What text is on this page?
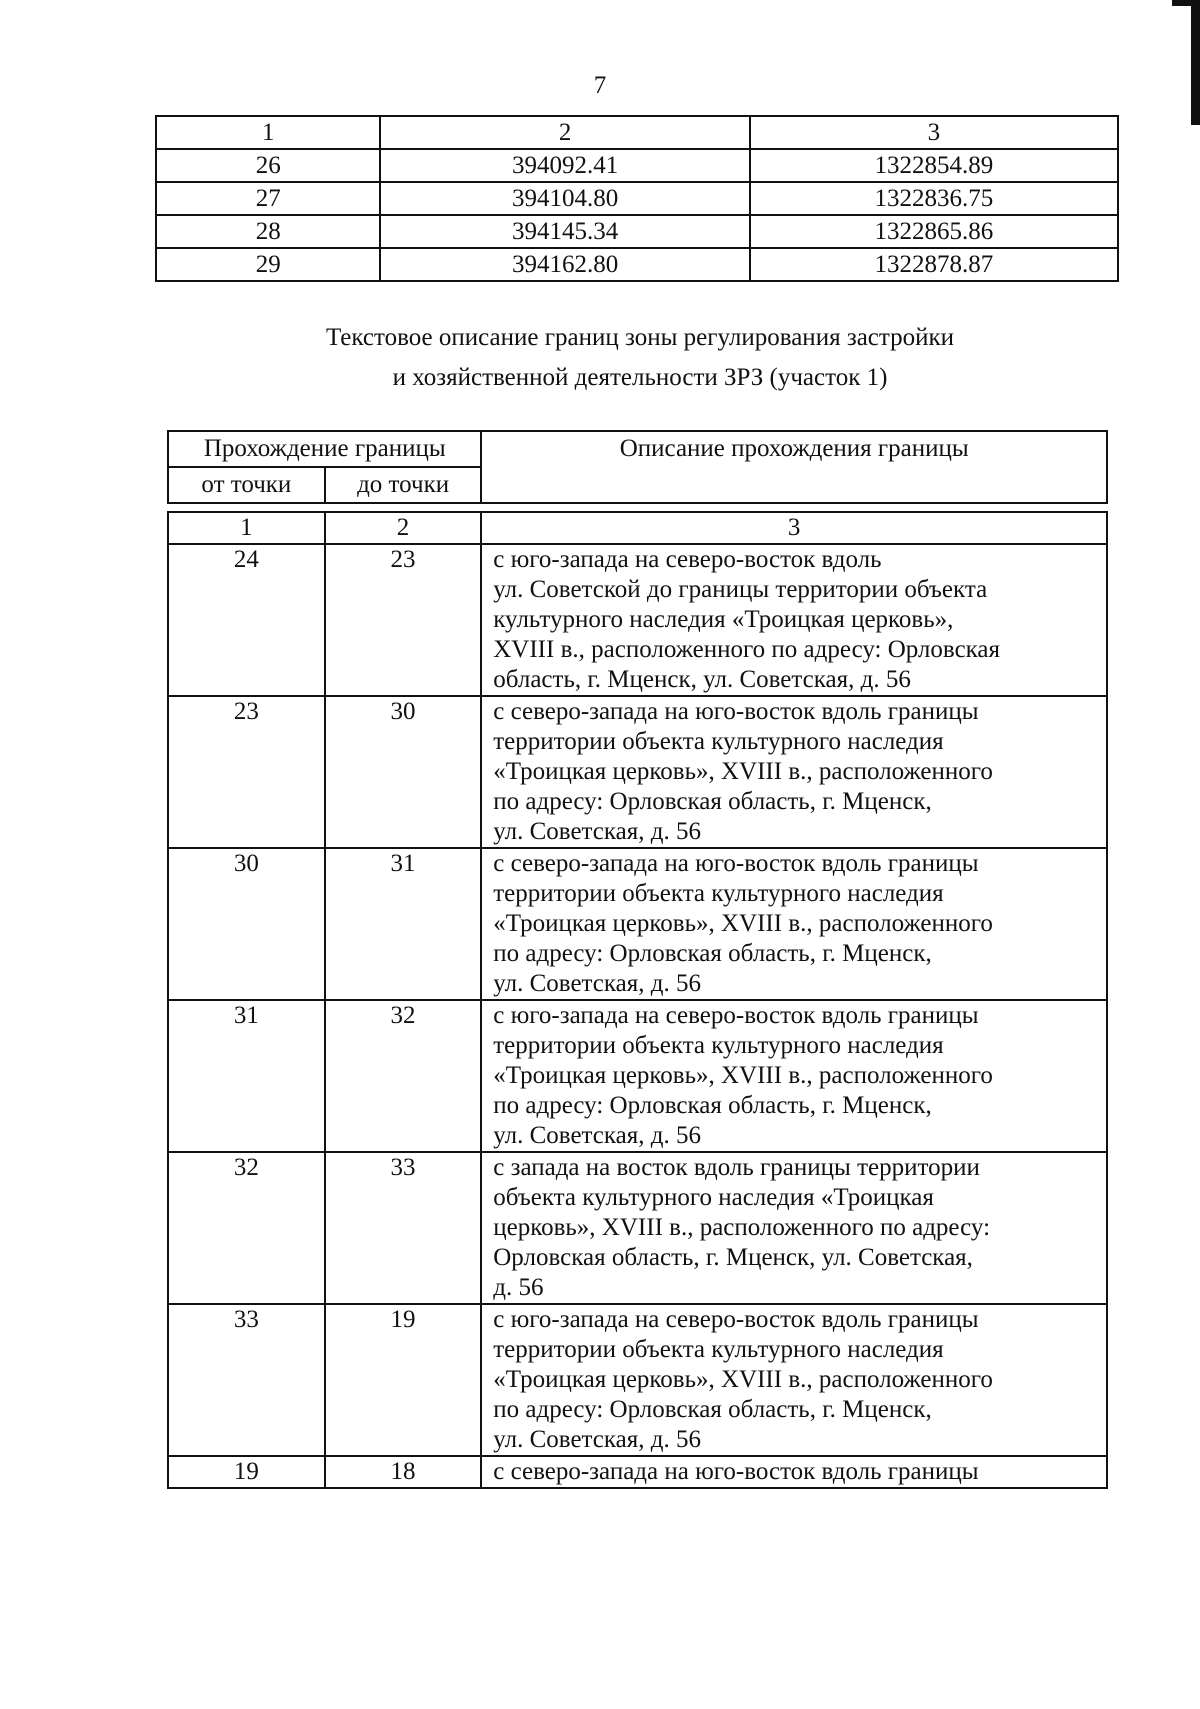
7
1	2	3
26	394092.41	1322854.89
27	394104.80	1322836.75
28	394145.34	1322865.86
29	394162.80	1322878.87
Текстовое описание границ зоны регулирования застройки
и хозяйственной деятельности ЗРЗ (участок 1)
Прохождение границы		Описание прохождения границы
от точки	до точки	
1	2	3
24	23	с юго-запада на северо-восток вдоль
ул. Советской до границы территории объекта
культурного наследия «Троицкая церковь»,
XVIII в., расположенного по адресу: Орловская
область, г. Мценск, ул. Советская, д. 56

23	30	с северо-запада на юго-восток вдоль границы
территории объекта культурного наследия
«Троицкая церковь», XVIII в., расположенного
по адресу: Орловская область, г. Мценск,
ул. Советская, д. 56

30	31	с северо-запада на юго-восток вдоль границы
территории объекта культурного наследия
«Троицкая церковь», XVIII в., расположенного
по адресу: Орловская область, г. Мценск,
ул. Советская, д. 56

31	32	с юго-запада на северо-восток вдоль границы
территории объекта культурного наследия
«Троицкая церковь», XVIII в., расположенного
по адресу: Орловская область, г. Мценск,
ул. Советская, д. 56

32	33	с запада на восток вдоль границы территории
объекта культурного наследия «Троицкая
церковь», XVIII в., расположенного по адресу:
Орловская область, г. Мценск, ул. Советская,
д. 56

33	19	с юго-запада на северо-восток вдоль границы
территории объекта культурного наследия
«Троицкая церковь», XVIII в., расположенного
по адресу: Орловская область, г. Мценск,
ул. Советская, д. 56

19	18	с северо-запада на юго-восток вдоль границы
